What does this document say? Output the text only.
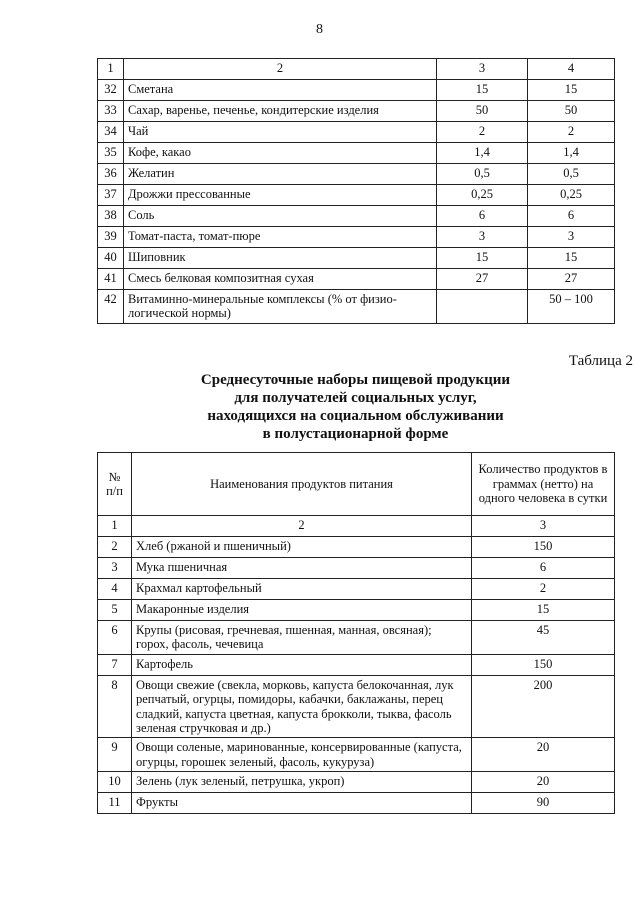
8
1	2	3	4
32	Сметана	15	15
33	Сахар, варенье, печенье, кондитерские изделия	50	50
34	Чай	2	2
35	Кофе, какао	1,4	1,4
36	Желатин	0,5	0,5
37	Дрожжи прессованные	0,25	0,25
38	Соль	6	6
39	Томат-паста, томат-пюре	3	3
40	Шиповник	15	15
41	Смесь белковая композитная сухая	27	27
42	Витаминно-минеральные комплексы (% от физио-логической нормы)		50 – 100
Таблица 2
Среднесуточные наборы пищевой продукции
для получателей социальных услуг,
находящихся на социальном обслуживании
в полустационарной форме
№ п/п	Наименования продуктов питания	Количество продуктов в граммах (нетто) на одного человека в сутки
1	2	3
2	Хлеб (ржаной и пшеничный)	150
3	Мука пшеничная	6
4	Крахмал картофельный	2
5	Макаронные изделия	15
6	Крупы (рисовая, гречневая, пшенная, манная, овсяная); горох, фасоль, чечевица	45
7	Картофель	150
8	Овощи свежие (свекла, морковь, капуста белокочанная, лук репчатый, огурцы, помидоры, кабачки, баклажаны, перец сладкий, капуста цветная, капуста брокколи, тыква, фасоль зеленая стручковая и др.)	200
9	Овощи соленые, маринованные, консервированные (капуста, огурцы, горошек зеленый, фасоль, кукуруза)	20
10	Зелень (лук зеленый, петрушка, укроп)	20
11	Фрукты	90
